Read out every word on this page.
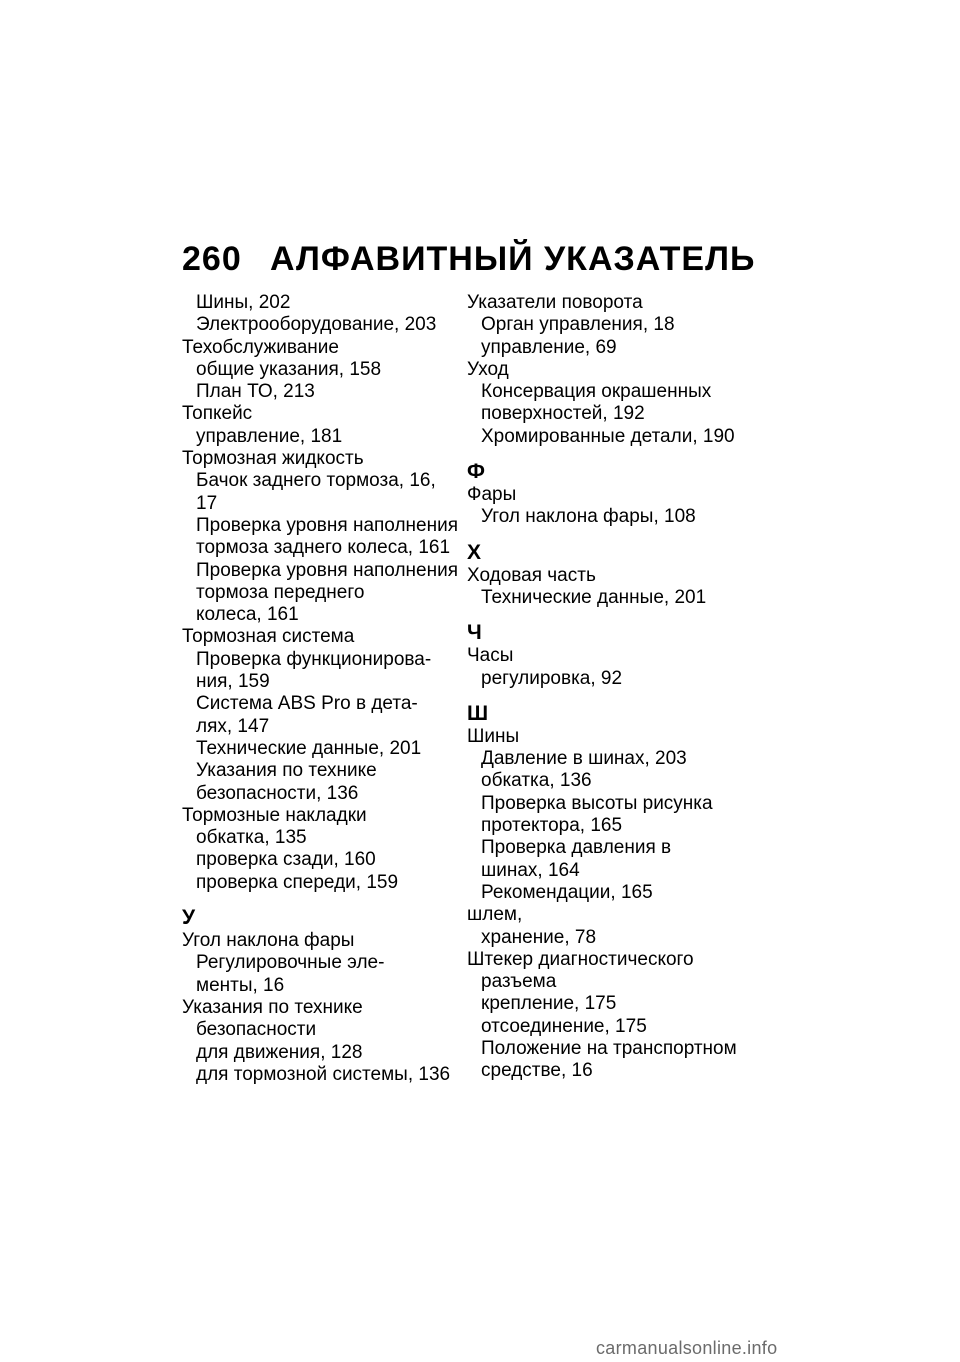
260 АЛФАВИТНЫЙ УКАЗАТЕЛЬ
Шины, 202
Электрооборудование, 203
Техобслуживание
общие указания, 158
План ТО, 213
Топкейс
управление, 181
Тормозная жидкость
Бачок заднего тормоза, 16,
17
Проверка уровня наполнения
тормоза заднего колеса, 161
Проверка уровня наполнения
тормоза переднего
колеса, 161
Тормозная система
Проверка функционирова-
ния, 159
Система ABS Pro в дета-
лях, 147
Технические данные, 201
Указания по технике
безопасности, 136
Тормозные накладки
обкатка, 135
проверка сзади, 160
проверка спереди, 159
У
Угол наклона фары
Регулировочные эле-
менты, 16
Указания по технике
безопасности
для движения, 128
для тормозной системы, 136
Указатели поворота
Орган управления, 18
управление, 69
Уход
Консервация окрашенных
поверхностей, 192
Хромированные детали, 190
Ф
Фары
Угол наклона фары, 108
Х
Ходовая часть
Технические данные, 201
Ч
Часы
регулировка, 92
Ш
Шины
Давление в шинах, 203
обкатка, 136
Проверка высоты рисунка
протектора, 165
Проверка давления в
шинах, 164
Рекомендации, 165
шлем,
хранение, 78
Штекер диагностического
разъема
крепление, 175
отсоединение, 175
Положение на транспортном
средстве, 16
carmanualsonline.info
